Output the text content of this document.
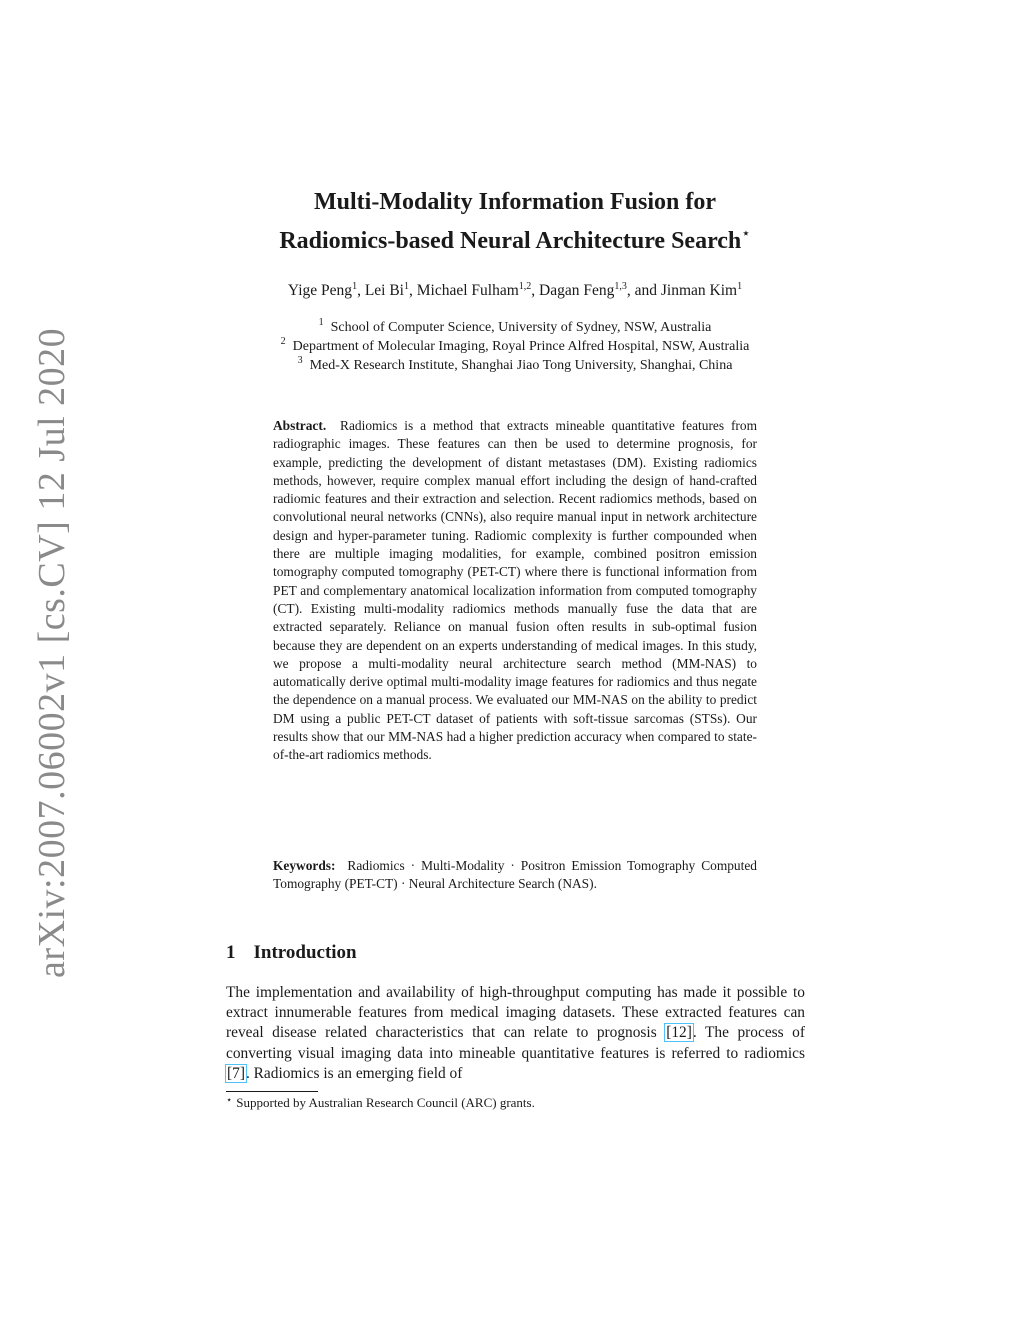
arXiv:2007.06002v1 [cs.CV] 12 Jul 2020
Multi-Modality Information Fusion for
Radiomics-based Neural Architecture Search⋆
Yige Peng$^1$, Lei Bi$^1$, Michael Fulham$^{1,2}$, Dagan Feng$^{1,3}$, and Jinman Kim$^1$
$^1$ School of Computer Science, University of Sydney, NSW, Australia
$^2$ Department of Molecular Imaging, Royal Prince Alfred Hospital, NSW, Australia
$^3$ Med-X Research Institute, Shanghai Jiao Tong University, Shanghai, China
Abstract. Radiomics is a method that extracts mineable quantitative features from radiographic images. These features can then be used to determine prognosis, for example, predicting the development of distant metastases (DM). Existing radiomics methods, however, require complex manual effort including the design of hand-crafted radiomic features and their extraction and selection. Recent radiomics methods, based on convolutional neural networks (CNNs), also require manual input in network architecture design and hyper-parameter tuning. Radiomic complexity is further compounded when there are multiple imaging modalities, for example, combined positron emission tomography computed tomography (PET-CT) where there is functional information from PET and complementary anatomical localization information from computed tomography (CT). Existing multi-modality radiomics methods manually fuse the data that are extracted separately. Reliance on manual fusion often results in sub-optimal fusion because they are dependent on an experts understanding of medical images. In this study, we propose a multi-modality neural architecture search method (MM-NAS) to automatically derive optimal multi-modality image features for radiomics and thus negate the dependence on a manual process. We evaluated our MM-NAS on the ability to predict DM using a public PET-CT dataset of patients with soft-tissue sarcomas (STSs). Our results show that our MM-NAS had a higher prediction accuracy when compared to state-of-the-art radiomics methods.
Keywords: Radiomics · Multi-Modality · Positron Emission Tomography Computed Tomography (PET-CT) · Neural Architecture Search (NAS).
1 Introduction
The implementation and availability of high-throughput computing has made it possible to extract innumerable features from medical imaging datasets. These extracted features can reveal disease related characteristics that can relate to prognosis [12]. The process of converting visual imaging data into mineable quantitative features is referred to radiomics [7]. Radiomics is an emerging field of
⋆ Supported by Australian Research Council (ARC) grants.
